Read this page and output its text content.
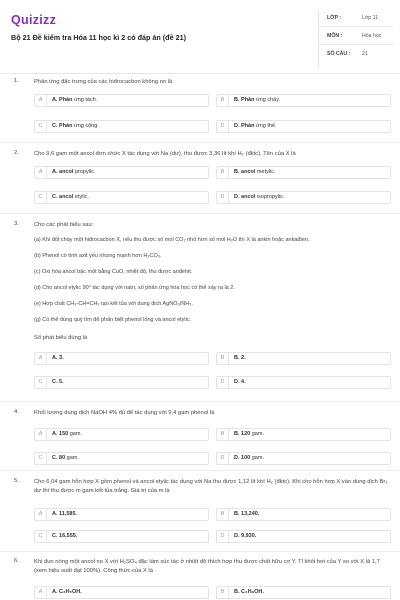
Quizizz
Bộ 21 Đề kiểm tra Hóa 11 học kì 2 có đáp án (đề 21)
LỚP :	Lớp 11
MÔN :	Hóa học
SỐ CÂU : 21
1.	Phản ứng đặc trưng của các hiđrocacbon không no là
A	A. Phản ứng tách.	B	B. Phản ứng cháy.
C	C. Phản ứng cộng.	D	D. Phản ứng thế.
2.	Cho 9,6 gam một ancol đơn chức X tác dụng với Na (dư), thu được 3,36 lít khí H₂ (đktc). Tên của X là
A	A. ancol propylic.	B	B. ancol metylic.
C	C. ancol etylic.	D	D. ancol isopropylic.
3.	Cho các phát biểu sau:
(a) Khi đốt cháy một hiđrocacbon X, nếu thu được số mol CO₂ nhỏ hơn số mol H₂O thì X là ankin hoặc ankađien.
(b) Phenol có tính axit yếu nhưng mạnh hơn H₂CO₃.
(c) Oxi hóa ancol bậc một bằng CuO, nhiệt độ, thu được anđehit.
(d) Cho ancol etylic 90° tác dụng với natri, số phản ứng hóa học có thể xảy ra là 2.
(e) Hợp chất CH₃-CH=CH₂ tạo kết tủa với dung dịch AgNO₃/NH₃.
(g) Có thể dùng quỳ tím để phân biệt phenol lỏng và ancol etylic.
Số phát biểu đúng là
A	A. 3.	B	B. 2.
C	C. 5.	D	D. 4.
4.	Khối lượng dung dịch NaOH 4% đủ để tác dụng với 9,4 gam phenol là
A	A. 150 gam.	B	B. 120 gam.
C	C. 80 gam.	D	D. 100 gam.
5.	Cho 6,04 gam hỗn hợp X gồm phenol và ancol etylic tác dụng với Na thu được 1,12 lít khí H₂ (đktc). Khi cho hỗn hợp X vào dung dịch Br₂ dư thì thu được m gam kết tủa trắng. Giá trị của m là
A	A. 11,585.	B	B. 13,240.
C	C. 16,555.	D	D. 9,930.
6.	Khi đun nóng một ancol no X với H₂SO₄ đặc làm xúc tác ở nhiệt độ thích hợp thu được chất hữu cơ Y. Tỉ khối hơi của Y so với X là 1,7 (xem hiệu suất đạt 100%). Công thức của X là
A	A. C₂H₅OH.	B	B. C₄H₉OH.
